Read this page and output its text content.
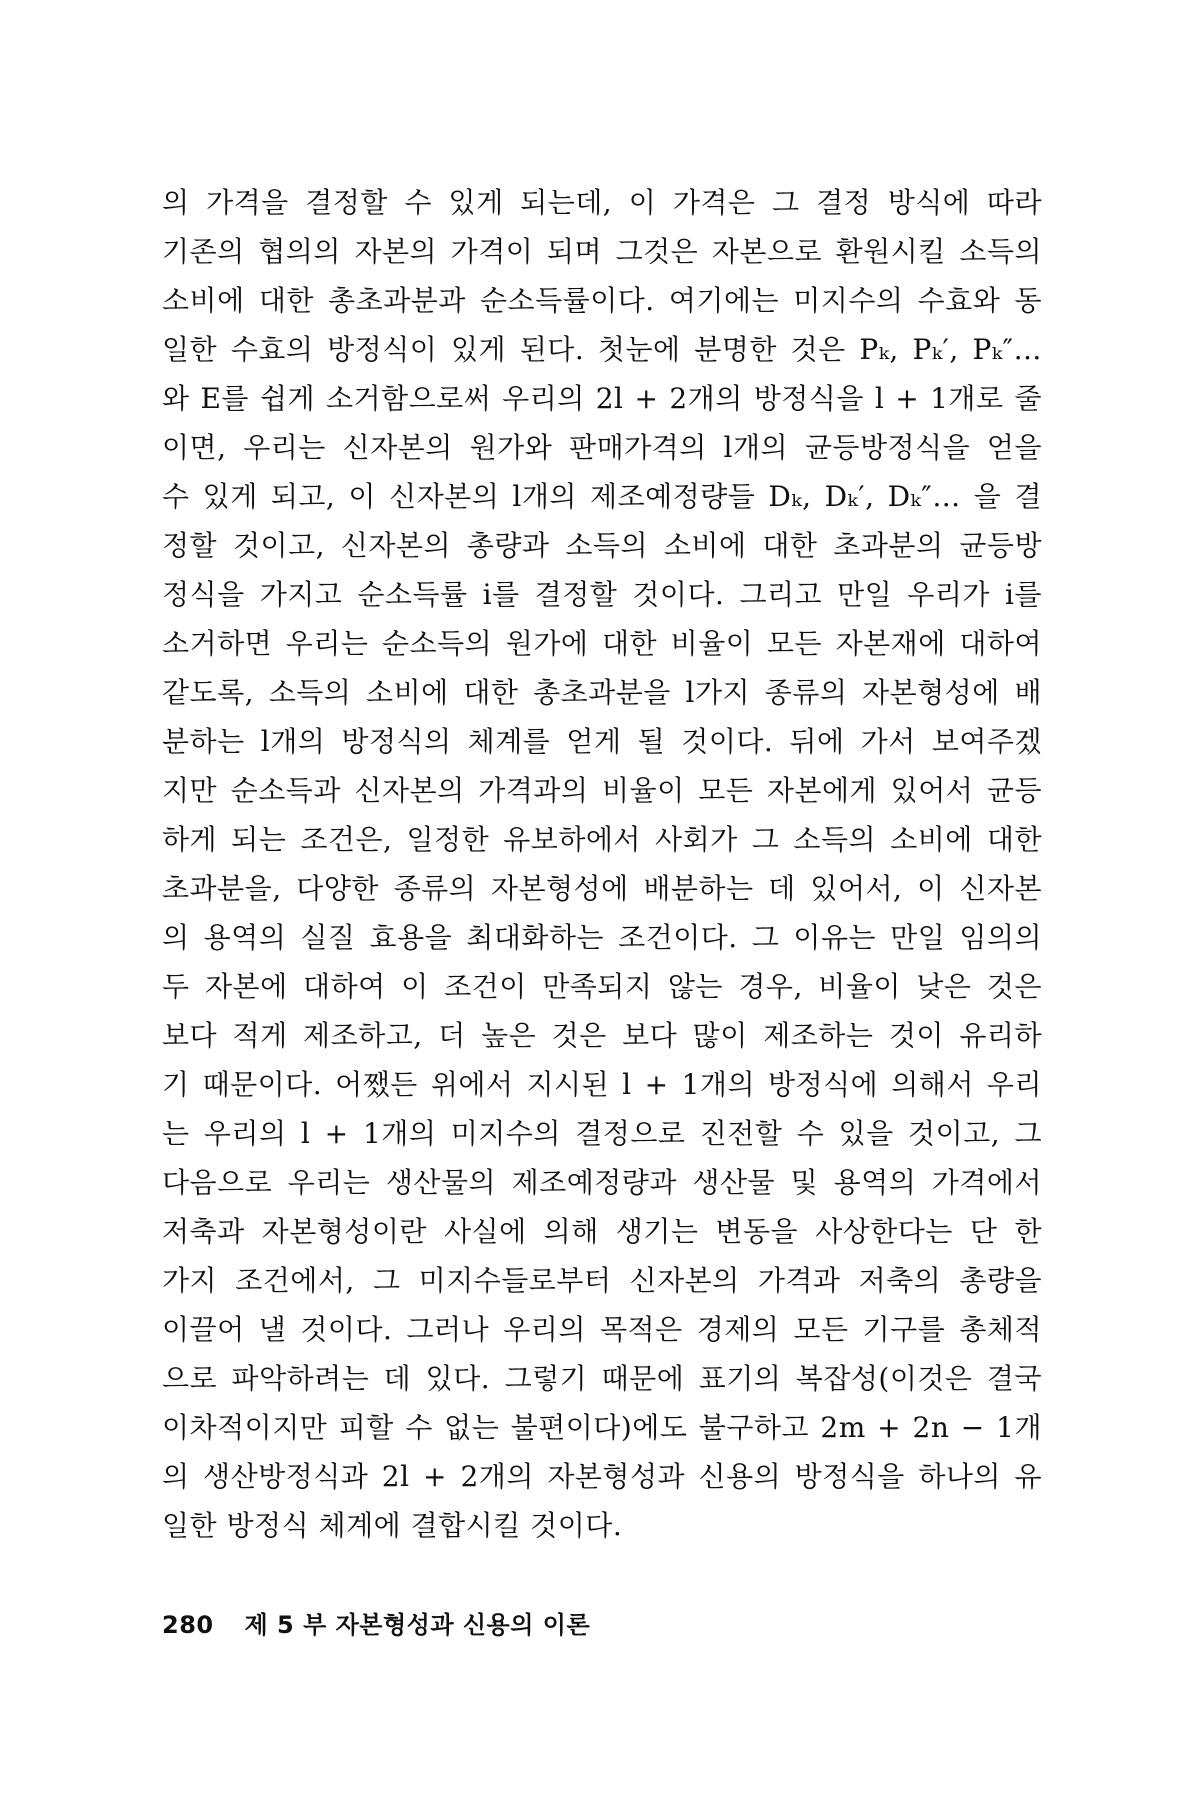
의 가격을 결정할 수 있게 되는데, 이 가격은 그 결정 방식에 따라
기존의 협의의 자본의 가격이 되며 그것은 자본으로 환원시킬 소득의
소비에 대한 총초과분과 순소득률이다. 여기에는 미지수의 수효와 동
일한 수효의 방정식이 있게 된다. 첫눈에 분명한 것은 Pₖ, Pₖ′, Pₖ″…
와 E를 쉽게 소거함으로써 우리의 2l + 2개의 방정식을 l + 1개로 줄
이면, 우리는 신자본의 원가와 판매가격의 l개의 균등방정식을 얻을
수 있게 되고, 이 신자본의 l개의 제조예정량들 Dₖ, Dₖ′, Dₖ″… 을 결
정할 것이고, 신자본의 총량과 소득의 소비에 대한 초과분의 균등방
정식을 가지고 순소득률 i를 결정할 것이다. 그리고 만일 우리가 i를
소거하면 우리는 순소득의 원가에 대한 비율이 모든 자본재에 대하여
같도록, 소득의 소비에 대한 총초과분을 l가지 종류의 자본형성에 배
분하는 l개의 방정식의 체계를 얻게 될 것이다. 뒤에 가서 보여주겠
지만 순소득과 신자본의 가격과의 비율이 모든 자본에게 있어서 균등
하게 되는 조건은, 일정한 유보하에서 사회가 그 소득의 소비에 대한
초과분을, 다양한 종류의 자본형성에 배분하는 데 있어서, 이 신자본
의 용역의 실질 효용을 최대화하는 조건이다. 그 이유는 만일 임의의
두 자본에 대하여 이 조건이 만족되지 않는 경우, 비율이 낮은 것은
보다 적게 제조하고, 더 높은 것은 보다 많이 제조하는 것이 유리하
기 때문이다. 어쨌든 위에서 지시된 l + 1개의 방정식에 의해서 우리
는 우리의 l + 1개의 미지수의 결정으로 진전할 수 있을 것이고, 그
다음으로 우리는 생산물의 제조예정량과 생산물 및 용역의 가격에서
저축과 자본형성이란 사실에 의해 생기는 변동을 사상한다는 단 한
가지 조건에서, 그 미지수들로부터 신자본의 가격과 저축의 총량을
이끌어 낼 것이다. 그러나 우리의 목적은 경제의 모든 기구를 총체적
으로 파악하려는 데 있다. 그렇기 때문에 표기의 복잡성(이것은 결국
이차적이지만 피할 수 없는 불편이다)에도 불구하고 2m + 2n − 1개
의 생산방정식과 2l + 2개의 자본형성과 신용의 방정식을 하나의 유
일한 방정식 체계에 결합시킬 것이다.
280 제 5 부 자본형성과 신용의 이론
